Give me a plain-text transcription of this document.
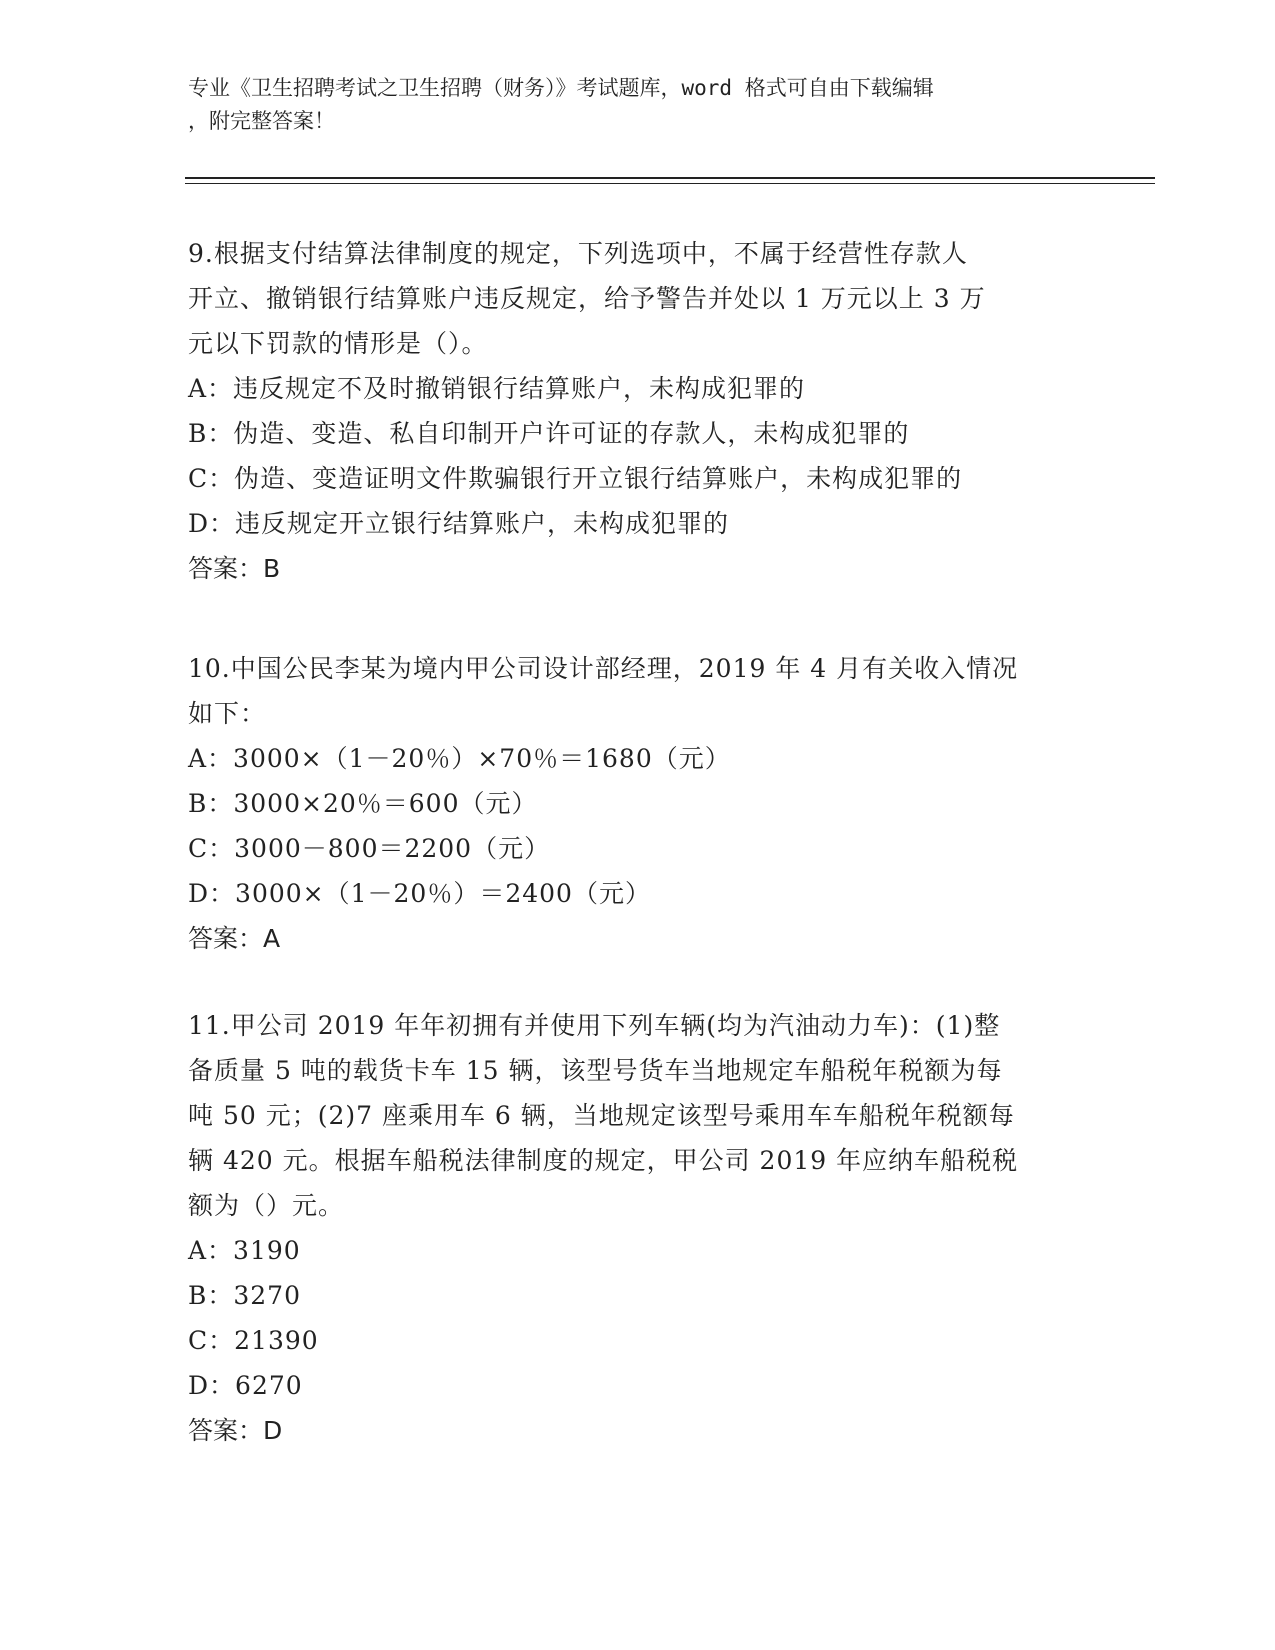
专业《卫生招聘考试之卫生招聘（财务）》考试题库，word 格式可自由下载编辑
，附完整答案！
9.根据支付结算法律制度的规定，下列选项中，不属于经营性存款人
开立、撤销银行结算账户违反规定，给予警告并处以 1 万元以上 3 万
元以下罚款的情形是（）。
A：违反规定不及时撤销银行结算账户，未构成犯罪的
B：伪造、变造、私自印制开户许可证的存款人，未构成犯罪的
C：伪造、变造证明文件欺骗银行开立银行结算账户，未构成犯罪的
D：违反规定开立银行结算账户，未构成犯罪的
答案：B
10.中国公民李某为境内甲公司设计部经理，2019 年 4 月有关收入情况
如下：
A：3000×（1－20％）×70％＝1680（元）
B：3000×20％＝600（元）
C：3000－800＝2200（元）
D：3000×（1－20％）＝2400（元）
答案：A
11.甲公司 2019 年年初拥有并使用下列车辆(均为汽油动力车)：(1)整
备质量 5 吨的载货卡车 15 辆，该型号货车当地规定车船税年税额为每
吨 50 元；(2)7 座乘用车 6 辆，当地规定该型号乘用车车船税年税额每
辆 420 元。根据车船税法律制度的规定，甲公司 2019 年应纳车船税税
额为（）元。
A：3190
B：3270
C：21390
D：6270
答案：D
